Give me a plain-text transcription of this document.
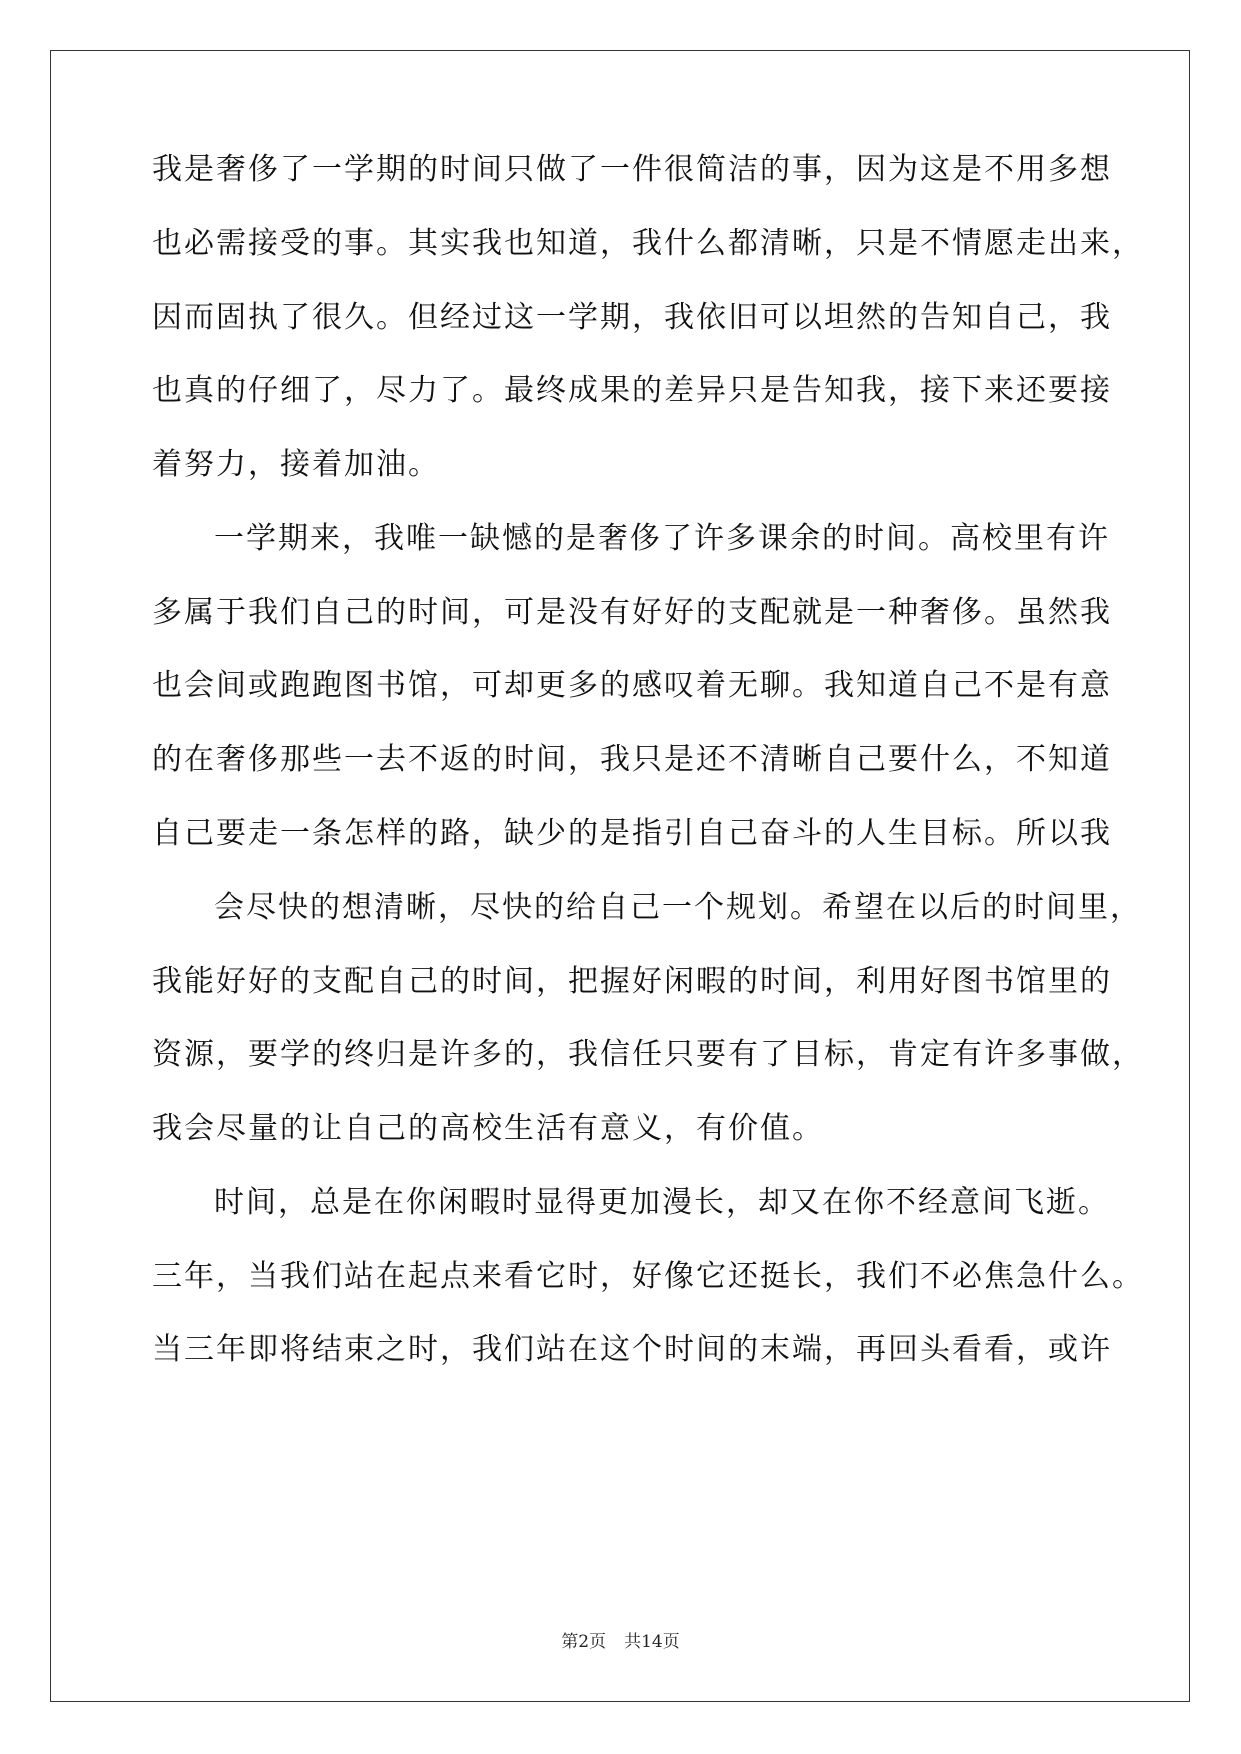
我是奢侈了一学期的时间只做了一件很简洁的事，因为这是不用多想
也必需接受的事。其实我也知道，我什么都清晰，只是不情愿走出来，
因而固执了很久。但经过这一学期，我依旧可以坦然的告知自己，我
也真的仔细了，尽力了。最终成果的差异只是告知我，接下来还要接
着努力，接着加油。
一学期来，我唯一缺憾的是奢侈了许多课余的时间。高校里有许
多属于我们自己的时间，可是没有好好的支配就是一种奢侈。虽然我
也会间或跑跑图书馆，可却更多的感叹着无聊。我知道自己不是有意
的在奢侈那些一去不返的时间，我只是还不清晰自己要什么，不知道
自己要走一条怎样的路，缺少的是指引自己奋斗的人生目标。所以我
会尽快的想清晰，尽快的给自己一个规划。希望在以后的时间里，
我能好好的支配自己的时间，把握好闲暇的时间，利用好图书馆里的
资源，要学的终归是许多的，我信任只要有了目标，肯定有许多事做，
我会尽量的让自己的高校生活有意义，有价值。
时间，总是在你闲暇时显得更加漫长，却又在你不经意间飞逝。
三年，当我们站在起点来看它时，好像它还挺长，我们不必焦急什么。
当三年即将结束之时，我们站在这个时间的末端，再回头看看，或许
第2页 共14页
